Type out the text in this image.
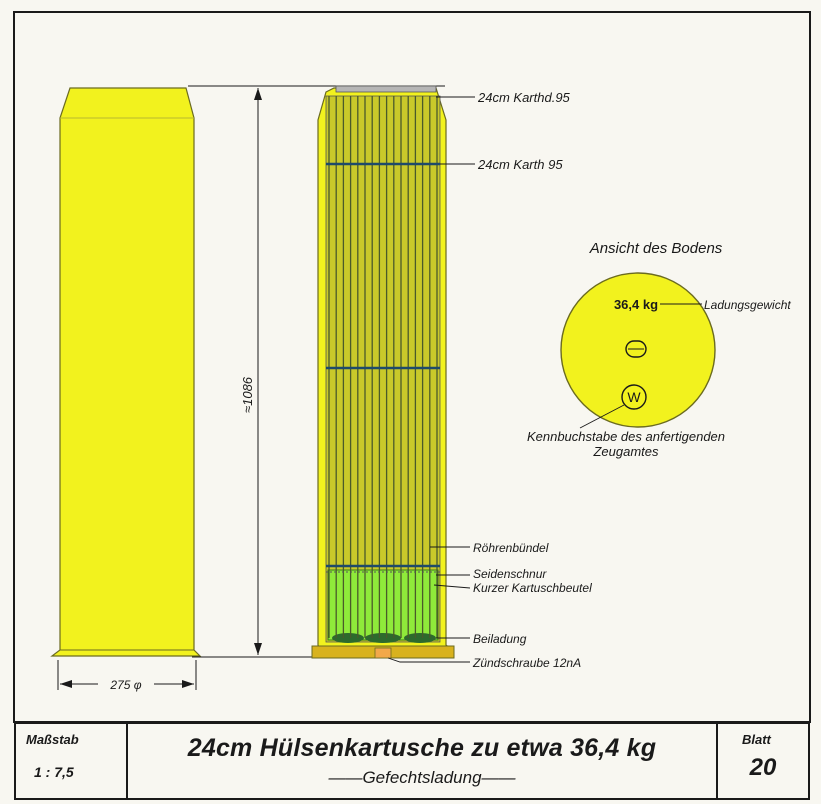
≈1086
275 φ
24cm Karthd.95
24cm Karth 95
Röhrenbündel
Seidenschnur
Kurzer Kartuschbeutel
Beiladung
Zündschraube 12nA
Ansicht des Bodens
36,4 kg	Ladungsgewicht
W
Kennbuchstabe des anfertigenden
Zeugamtes
Maßstab
1 : 7,5
24cm Hülsenkartusche zu etwa 36,4 kg
——Gefechtsladung——
Blatt
20
